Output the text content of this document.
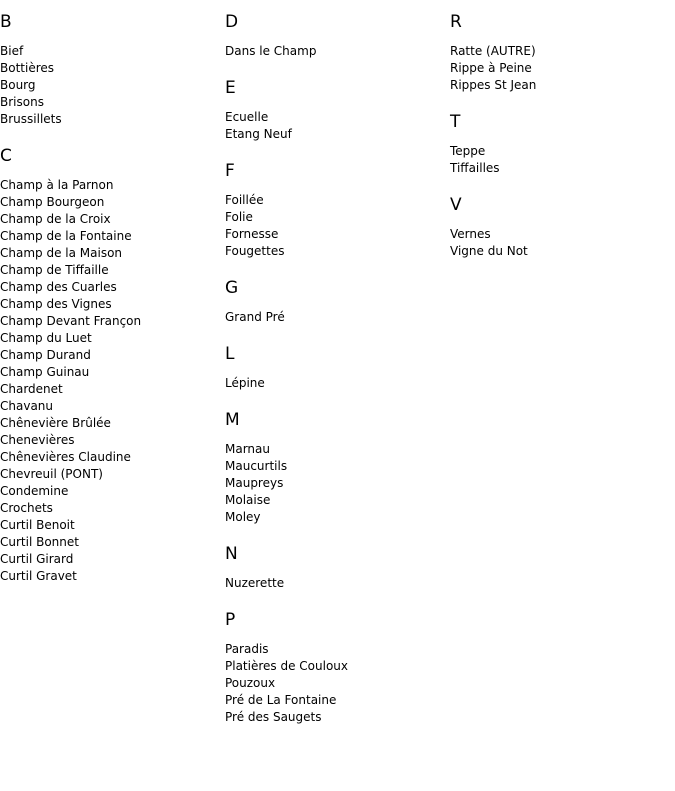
B
Bief
Bottières
Bourg
Brisons
Brussillets
C
Champ à la Parnon
Champ Bourgeon
Champ de la Croix
Champ de la Fontaine
Champ de la Maison
Champ de Tiffaille
Champ des Cuarles
Champ des Vignes
Champ Devant Françon
Champ du Luet
Champ Durand
Champ Guinau
Chardenet
Chavanu
Chênevière Brûlée
Chenevières
Chênevières Claudine
Chevreuil (PONT)
Condemine
Crochets
Curtil Benoit
Curtil Bonnet
Curtil Girard
Curtil Gravet
D
Dans le Champ
E
Ecuelle
Etang Neuf
F
Foillée
Folie
Fornesse
Fougettes
G
Grand Pré
L
Lépine
M
Marnau
Maucurtils
Maupreys
Molaise
Moley
N
Nuzerette
P
Paradis
Platières de Couloux
Pouzoux
Pré de La Fontaine
Pré des Saugets
R
Ratte (AUTRE)
Rippe à Peine
Rippes St Jean
T
Teppe
Tiffailles
V
Vernes
Vigne du Not
